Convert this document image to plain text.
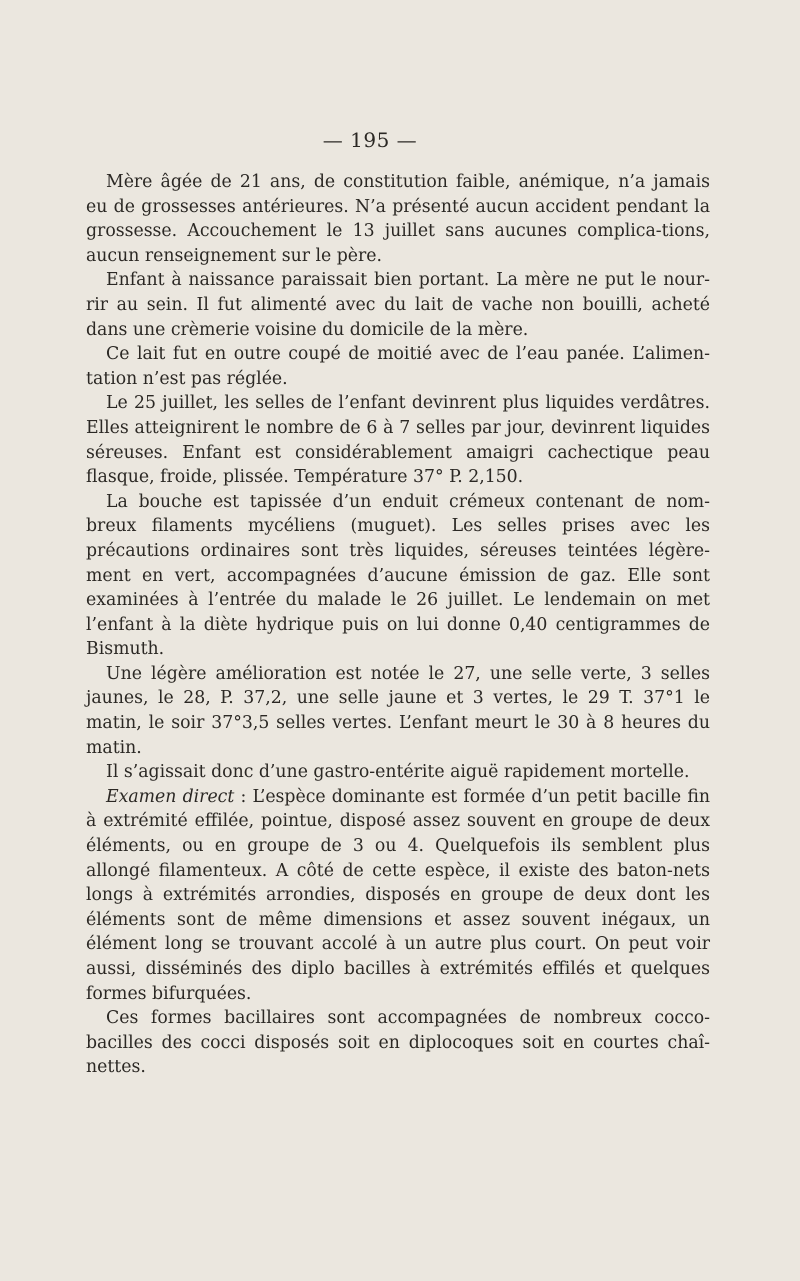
— 195 —

Mère âgée de 21 ans, de constitution faible, anémique, n’a jamais eu de grossesses antérieures. N’a présenté aucun accident pendant la grossesse. Accouchement le 13 juillet sans aucunes complica-tions, aucun renseignement sur le père.

Enfant à naissance paraissait bien portant. La mère ne put le nour-rir au sein. Il fut alimenté avec du lait de vache non bouilli, acheté dans une crèmerie voisine du domicile de la mère.

Ce lait fut en outre coupé de moitié avec de l’eau panée. L’alimen-tation n’est pas réglée.

Le 25 juillet, les selles de l’enfant devinrent plus liquides verdâtres. Elles atteignirent le nombre de 6 à 7 selles par jour, devinrent liquides séreuses. Enfant est considérablement amaigri cachectique peau flasque, froide, plissée. Température 37° P. 2,150.

La bouche est tapissée d’un enduit crémeux contenant de nom-breux filaments mycéliens (muguet). Les selles prises avec les précautions ordinaires sont très liquides, séreuses teintées légère-ment en vert, accompagnées d’aucune émission de gaz. Elle sont examinées à l’entrée du malade le 26 juillet. Le lendemain on met l’enfant à la diète hydrique puis on lui donne 0,40 centigrammes de Bismuth.

Une légère amélioration est notée le 27, une selle verte, 3 selles jaunes, le 28, P. 37,2, une selle jaune et 3 vertes, le 29 T. 37°1 le matin, le soir 37°3,5 selles vertes. L’enfant meurt le 30 à 8 heures du matin.

Il s’agissait donc d’une gastro-entérite aiguë rapidement mortelle.

Examen direct : L’espèce dominante est formée d’un petit bacille fin à extrémité effilée, pointue, disposé assez souvent en groupe de deux éléments, ou en groupe de 3 ou 4. Quelquefois ils semblent plus allongé filamenteux. A côté de cette espèce, il existe des baton-nets longs à extrémités arrondies, disposés en groupe de deux dont les éléments sont de même dimensions et assez souvent inégaux, un élément long se trouvant accolé à un autre plus court. On peut voir aussi, disséminés des diplo bacilles à extrémités effilés et quelques formes bifurquées.

Ces formes bacillaires sont accompagnées de nombreux cocco-bacilles des cocci disposés soit en diplocoques soit en courtes chaî-nettes.
